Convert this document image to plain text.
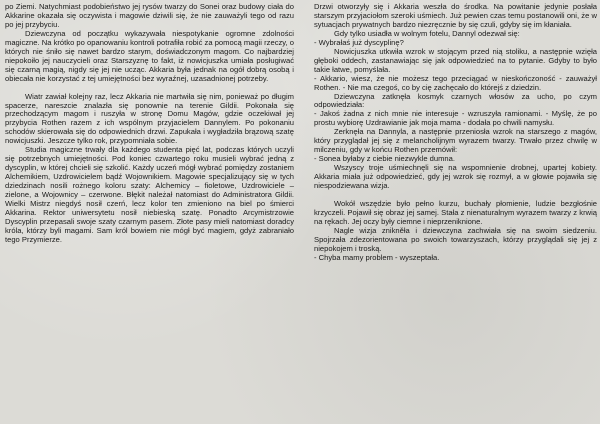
po Ziemi. Natychmiast podobieństwo jej rysów twarzy do Sonei oraz budowy ciała do Akkarine okazała się oczywista i magowie dziwili się, że nie zauważyli tego od razu po jej przybyciu.

Dziewczyna od początku wykazywała niespotykanie ogromne zdolności magiczne. Na krótko po opanowaniu kontroli potrafiła robić za pomocą magii rzeczy, o których nie śniło się nawet bardzo starym, doświadczonym magom. Co najbardziej niepokoiło jej nauczycieli oraz Starszyznę to fakt, iż nowicjuszka umiała posługiwać się czarną magią, nigdy się jej nie ucząc. Akkaria była jednak na ogół dobrą osobą i obiecała nie korzystać z tej umiejętności bez wyraźnej, uzasadnionej potrzeby.

Wiatr zawiał kolejny raz, lecz Akkaria nie martwiła się nim, ponieważ po długim spacerze, nareszcie znalazła się ponownie na terenie Gildii. Pokonała się przechodzącym magom i ruszyła w stronę Domu Magów, gdzie oczekiwał jej przybycia Rothen razem z ich wspólnym przyjacielem Dannylem. Po pokonaniu schodów skierowała się do odpowiednich drzwi. Zapukała i wygładziła brązową szatę nowicjuszki. Jeszcze tylko rok, przypomniała sobie.

Studia magiczne trwały dla każdego studenta pięć lat, podczas których uczyli się potrzebnych umiejętności. Pod koniec czwartego roku musieli wybrać jedną z dyscyplin, w której chcieli się szkolić. Każdy uczeń mógł wybrać pomiędzy zostaniem Alchemikiem, Uzdrowicielem bądź Wojownikiem. Magowie specjalizujący się w tych dziedzinach nosili rożnego koloru szaty: Alchemicy – fioletowe, Uzdrowiciele – zielone, a Wojownicy – czerwone. Błękit należał natomiast do Administratora Gildii. Wielki Mistrz niegdyś nosił czerń, lecz kolor ten zmieniono na biel po śmierci Akkarina. Rektor uniwersytetu nosił niebieską szatę. Ponadto Arcymistrzowie Dyscyplin przepasali swoje szaty czarnym pasem. Złote pasy mieli natomiast doradcy króla, którzy byli magami. Sam król bowiem nie mógł być magiem, gdyż zabraniało tego Przymierze.

Drzwi otworzyły się i Akkaria weszła do środka. Na powitanie jedynie posłała starszym przyjaciołom szeroki uśmiech. Już pewien czas temu postanowili oni, że w sytuacjach prywatnych bardzo niezręcznie by się czuli, gdyby się im kłaniała.

Gdy tylko usiadła w wolnym fotelu, Dannyl odezwał się:

- Wybrałaś już dyscyplinę?

Nowicjuszka utkwiła wzrok w stojącym przed nią stoliku, a następnie wzięła głęboki oddech, zastanawiając się jak odpowiedzieć na to pytanie. Gdyby to było takie łatwe, pomyślała.

- Akkario, wiesz, że nie możesz tego przeciągać w nieskończoność - zauważył Rothen. - Nie ma czegoś, co by cię zachęcało do którejś z dziedzin.

Dziewczyna zatknęła kosmyk czarnych włosów za ucho, po czym odpowiedziała:

- Jakoś żadna z nich mnie nie interesuje - wzruszyła ramionami. - Myślę, że po prostu wybiorę Uzdrawianie jak moja mama - dodała po chwili namysłu.

Zerknęła na Dannyla, a następnie przeniosła wzrok na starszego z magów, który przyglądał jej się z melancholijnym wyrazem twarzy. Trwało przez chwilę w milczeniu, gdy w końcu Rothen przemówił:

- Sonea byłaby z ciebie niezwykle dumna.

Wszyscy troje uśmiechnęli się na wspomnienie drobnej, upartej kobiety. Akkaria miała już odpowiedzieć, gdy jej wzrok się rozmył, a w głowie pojawiła się niespodziewana wizja.

Wokół wszędzie było pełno kurzu, buchały płomienie, ludzie bezgłośnie krzyczeli. Pojawił się obraz jej samej. Stała z nienaturalnym wyrazem twarzy z krwią na rękach. Jej oczy były ciemne i nieprzeniknione.

Nagle wizja znikněła i dziewczyna zachwiała się na swoim siedzeniu. Spojrzała zdezorientowana po swoich towarzyszach, którzy przyglądali się jej z niepokojem i troską.

- Chyba mamy problem - wyszeptała.
